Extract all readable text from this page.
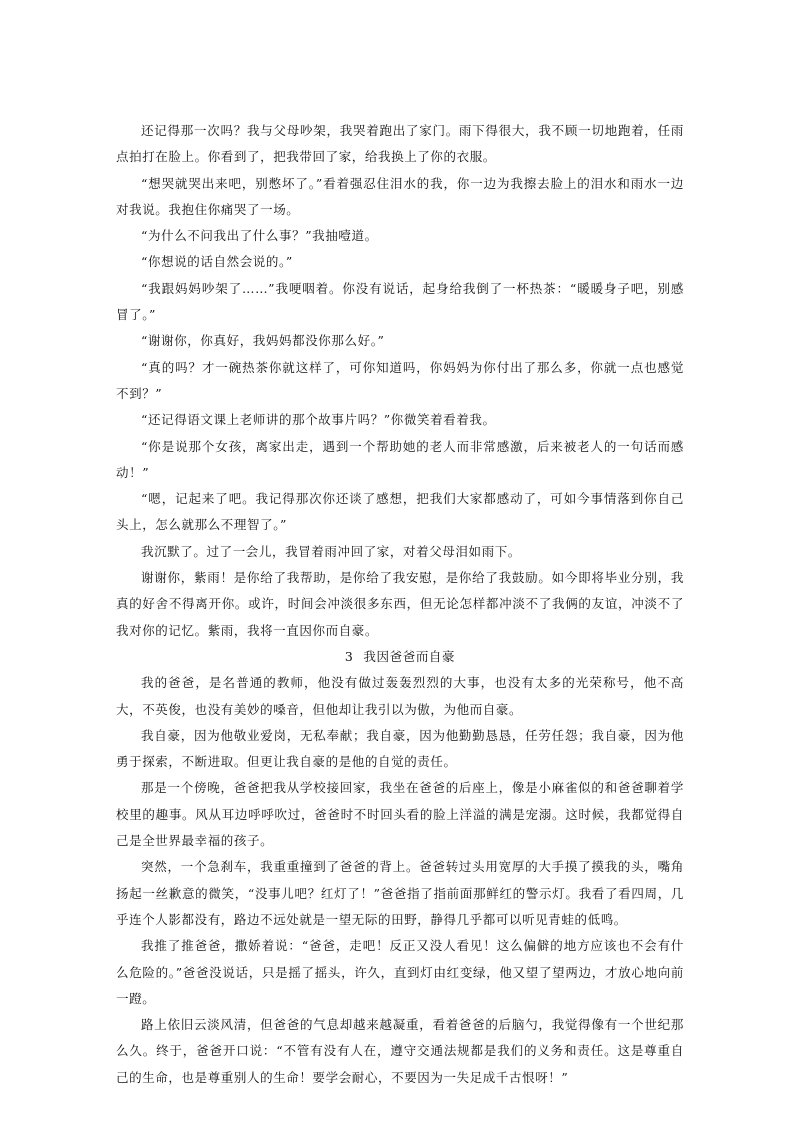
还记得那一次吗？我与父母吵架，我哭着跑出了家门。雨下得很大，我不顾一切地跑着，任雨点拍打在脸上。你看到了，把我带回了家，给我换上了你的衣服。

“想哭就哭出来吧，别憋坏了。”看着强忍住泪水的我，你一边为我擦去脸上的泪水和雨水一边对我说。我抱住你痛哭了一场。

“为什么不问我出了什么事？”我抽噎道。

“你想说的话自然会说的。”

“我跟妈妈吵架了……”我哽咽着。你没有说话，起身给我倒了一杯热茶：“暖暖身子吧，别感冒了。”

“谢谢你，你真好，我妈妈都没你那么好。”

“真的吗？才一碗热茶你就这样了，可你知道吗，你妈妈为你付出了那么多，你就一点也感觉不到？”

“还记得语文课上老师讲的那个故事片吗？”你微笑着看着我。

“你是说那个女孩，离家出走，遇到一个帮助她的老人而非常感激，后来被老人的一句话而感动！”

“嗯，记起来了吧。我记得那次你还谈了感想，把我们大家都感动了，可如今事情落到你自己头上，怎么就那么不理智了。”

我沉默了。过了一会儿，我冒着雨冲回了家，对着父母泪如雨下。

谢谢你，紫雨！是你给了我帮助，是你给了我安慰，是你给了我鼓励。如今即将毕业分别，我真的好舍不得离开你。或许，时间会冲淡很多东西，但无论怎样都冲淡不了我俩的友谊，冲淡不了我对你的记忆。紫雨，我将一直因你而自豪。

3 我因爸爸而自豪

我的爸爸，是名普通的教师，他没有做过轰轰烈烈的大事，也没有太多的光荣称号，他不高大，不英俊，也没有美妙的嗓音，但他却让我引以为傲，为他而自豪。

我自豪，因为他敬业爱岗，无私奉献；我自豪，因为他勤勤恳恳，任劳任怨；我自豪，因为他勇于探索，不断进取。但更让我自豪的是他的自觉的责任。

那是一个傍晚，爸爸把我从学校接回家，我坐在爸爸的后座上，像是小麻雀似的和爸爸聊着学校里的趣事。风从耳边呼呼吹过，爸爸时不时回头看的脸上洋溢的满是宠溺。这时候，我都觉得自己是全世界最幸福的孩子。

突然，一个急刹车，我重重撞到了爸爸的背上。爸爸转过头用宽厚的大手摸了摸我的头，嘴角扬起一丝歉意的微笑，“没事儿吧？红灯了！”爸爸指了指前面那鲜红的警示灯。我看了看四周，几乎连个人影都没有，路边不远处就是一望无际的田野，静得几乎都可以听见青蛙的低鸣。

我推了推爸爸，撒娇着说：“爸爸，走吧！反正又没人看见！这么偏僻的地方应该也不会有什么危险的。”爸爸没说话，只是摇了摇头，许久，直到灯由红变绿，他又望了望两边，才放心地向前一蹬。

路上依旧云淡风清，但爸爸的气息却越来越凝重，看着爸爸的后脑勺，我觉得像有一个世纪那么久。终于，爸爸开口说：“不管有没有人在，遵守交通法规都是我们的义务和责任。这是尊重自己的生命，也是尊重别人的生命！要学会耐心，不要因为一失足成千古恨呀！”
